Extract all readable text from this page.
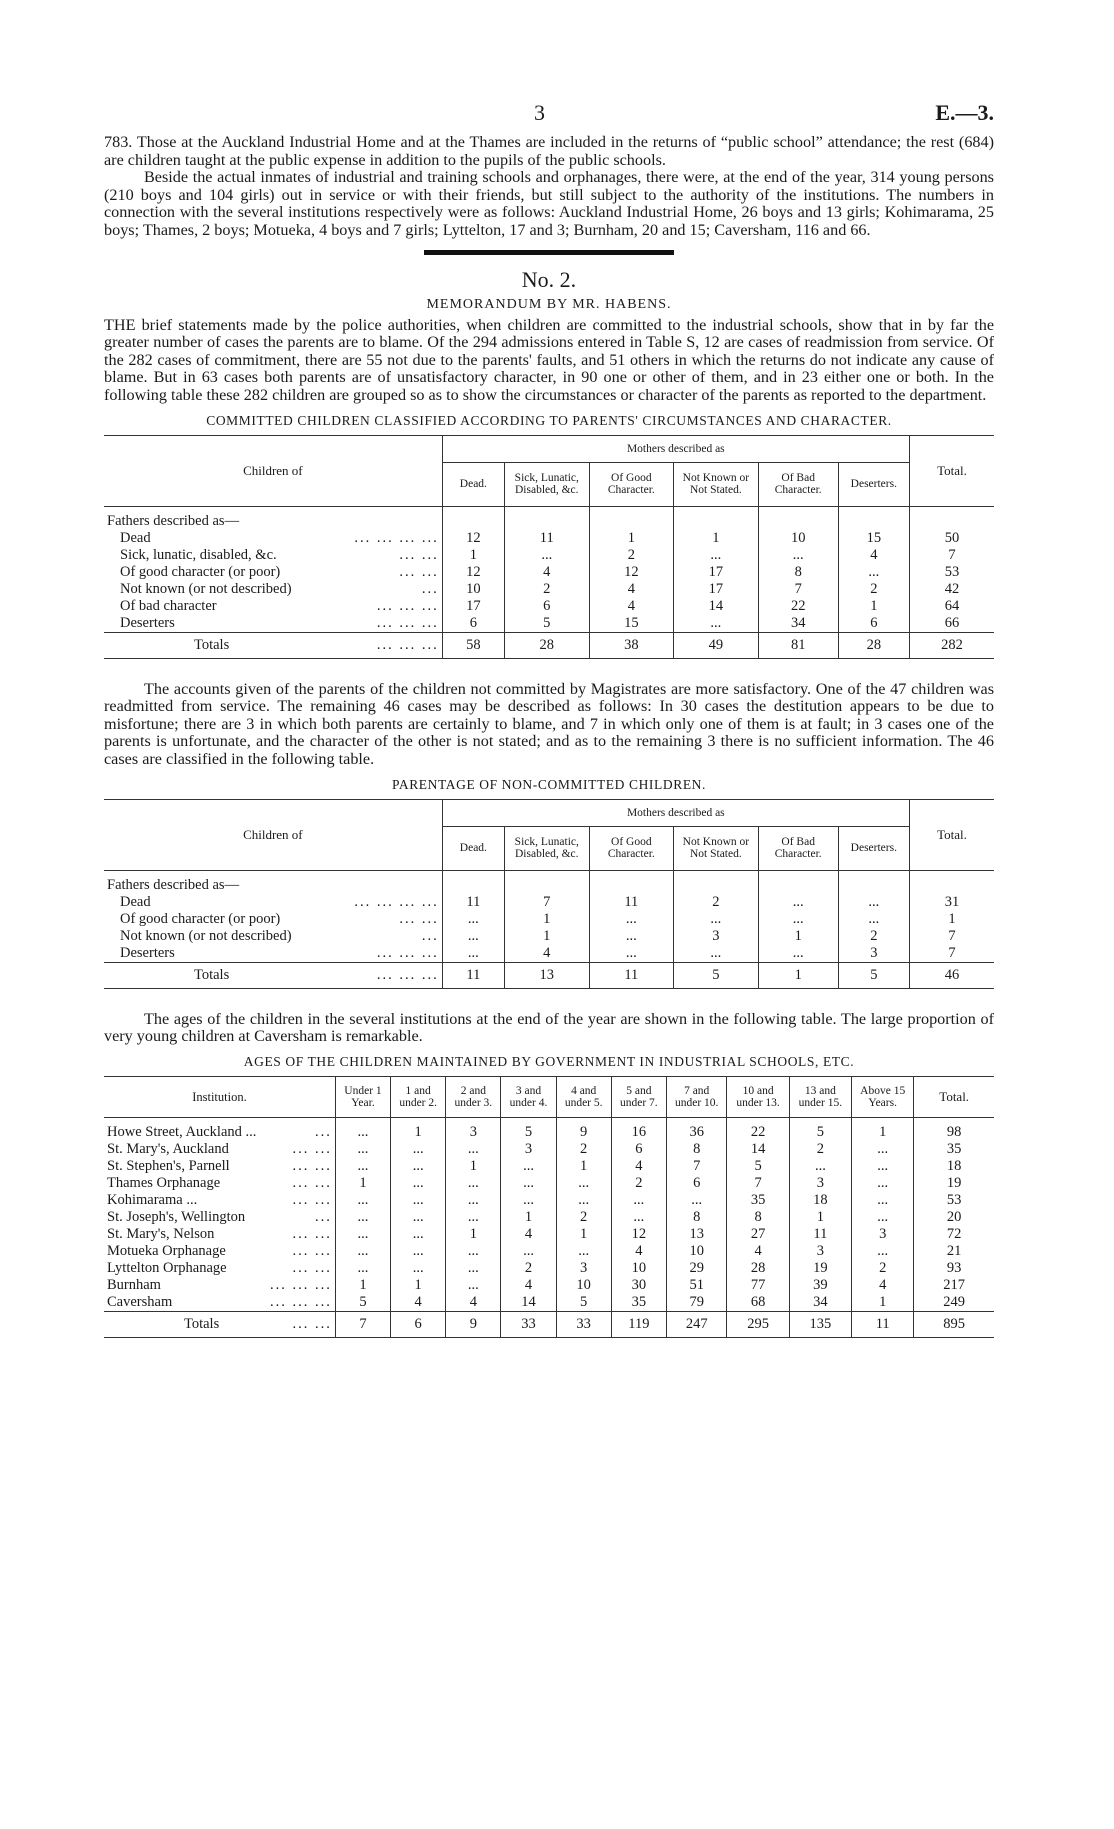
3	E.—3.

783. Those at the Auckland Industrial Home and at the Thames are included in the returns of “public school” attendance; the rest (684) are children taught at the public expense in addition to the pupils of the public schools.

Beside the actual inmates of industrial and training schools and orphanages, there were, at the end of the year, 314 young persons (210 boys and 104 girls) out in service or with their friends, but still subject to the authority of the institutions. The numbers in connection with the several institutions respectively were as follows: Auckland Industrial Home, 26 boys and 13 girls; Kohimarama, 25 boys; Thames, 2 boys; Motueka, 4 boys and 7 girls; Lyttelton, 17 and 3; Burnham, 20 and 15; Caversham, 116 and 66.

No. 2.
MEMORANDUM BY MR. HABENS.

THE brief statements made by the police authorities, when children are committed to the industrial schools, show that in by far the greater number of cases the parents are to blame. Of the 294 admissions entered in Table S, 12 are cases of readmission from service. Of the 282 cases of commitment, there are 55 not due to the parents' faults, and 51 others in which the returns do not indicate any cause of blame. But in 63 cases both parents are of unsatisfactory character, in 90 one or other of them, and in 23 either one or both. In the following table these 282 children are grouped so as to show the circumstances or character of the parents as reported to the department.

COMMITTED CHILDREN CLASSIFIED ACCORDING TO PARENTS' CIRCUMSTANCES AND CHARACTER.
Children of	Mothers described as						Total.
	Dead.	Sick, Lunatic, Disabled, &c.	Of Good Character.	Not Known or Not Stated.	Of Bad Character.	Deserters.	

Fathers described as—							
Dead ... ... ... ...	12	11	1	1	10	15	50
Sick, lunatic, disabled, &c. ... ...	1	...	2	...	...	4	7
Of good character (or poor) ... ...	12	4	12	17	8	...	53
Not known (or not described) ...	10	2	4	17	7	2	42
Of bad character ... ... ...	17	6	4	14	22	1	64
Deserters ... ... ...	6	5	15	...	34	6	66
Totals ... ... ...	58	28	38	49	81	28	282

The accounts given of the parents of the children not committed by Magistrates are more satisfactory. One of the 47 children was readmitted from service. The remaining 46 cases may be described as follows: In 30 cases the destitution appears to be due to misfortune; there are 3 in which both parents are certainly to blame, and 7 in which only one of them is at fault; in 3 cases one of the parents is unfortunate, and the character of the other is not stated; and as to the remaining 3 there is no sufficient information. The 46 cases are classified in the following table.

PARENTAGE OF NON-COMMITTED CHILDREN.
Children of	Mothers described as						Total.
	Dead.	Sick, Lunatic, Disabled, &c.	Of Good Character.	Not Known or Not Stated.	Of Bad Character.	Deserters.	

Fathers described as—							
Dead ... ... ... ...	11	7	11	2	...	...	31
Of good character (or poor) ... ...	...	1	...	...	...	...	1
Not known (or not described) ...	...	1	...	3	1	2	7
Deserters ... ... ...	...	4	...	...	...	3	7
Totals ... ... ...	11	13	11	5	1	5	46

The ages of the children in the several institutions at the end of the year are shown in the following table. The large proportion of very young children at Caversham is remarkable.

AGES OF THE CHILDREN MAINTAINED BY GOVERNMENT IN INDUSTRIAL SCHOOLS, ETC.
Institution.	Under 1 Year.	1 and under 2.	2 and under 3.	3 and under 4.	4 and under 5.	5 and under 7.	7 and under 10.	10 and under 13.	13 and under 15.	Above 15 Years.	Total.

Howe Street, Auckland ... ...	...	1	3	5	9	16	36	22	5	1	98
St. Mary's, Auckland ... ...	...	...	...	3	2	6	8	14	2	...	35
St. Stephen's, Parnell ... ...	...	...	1	...	1	4	7	5	...	...	18
Thames Orphanage ... ...	1	...	...	...	...	2	6	7	3	...	19
Kohimarama ... ... ...	...	...	...	...	...	...	...	35	18	...	53
St. Joseph's, Wellington ...	...	...	...	1	2	...	8	8	1	...	20
St. Mary's, Nelson ... ...	...	...	1	4	1	12	13	27	11	3	72
Motueka Orphanage ... ...	...	...	...	...	...	4	10	4	3	...	21
Lyttelton Orphanage ... ...	...	...	...	2	3	10	29	28	19	2	93
Burnham ... ... ...	1	1	...	4	10	30	51	77	39	4	217
Caversham ... ... ...	5	4	4	14	5	35	79	68	34	1	249
Totals ... ...	7	6	9	33	33	119	247	295	135	11	895
